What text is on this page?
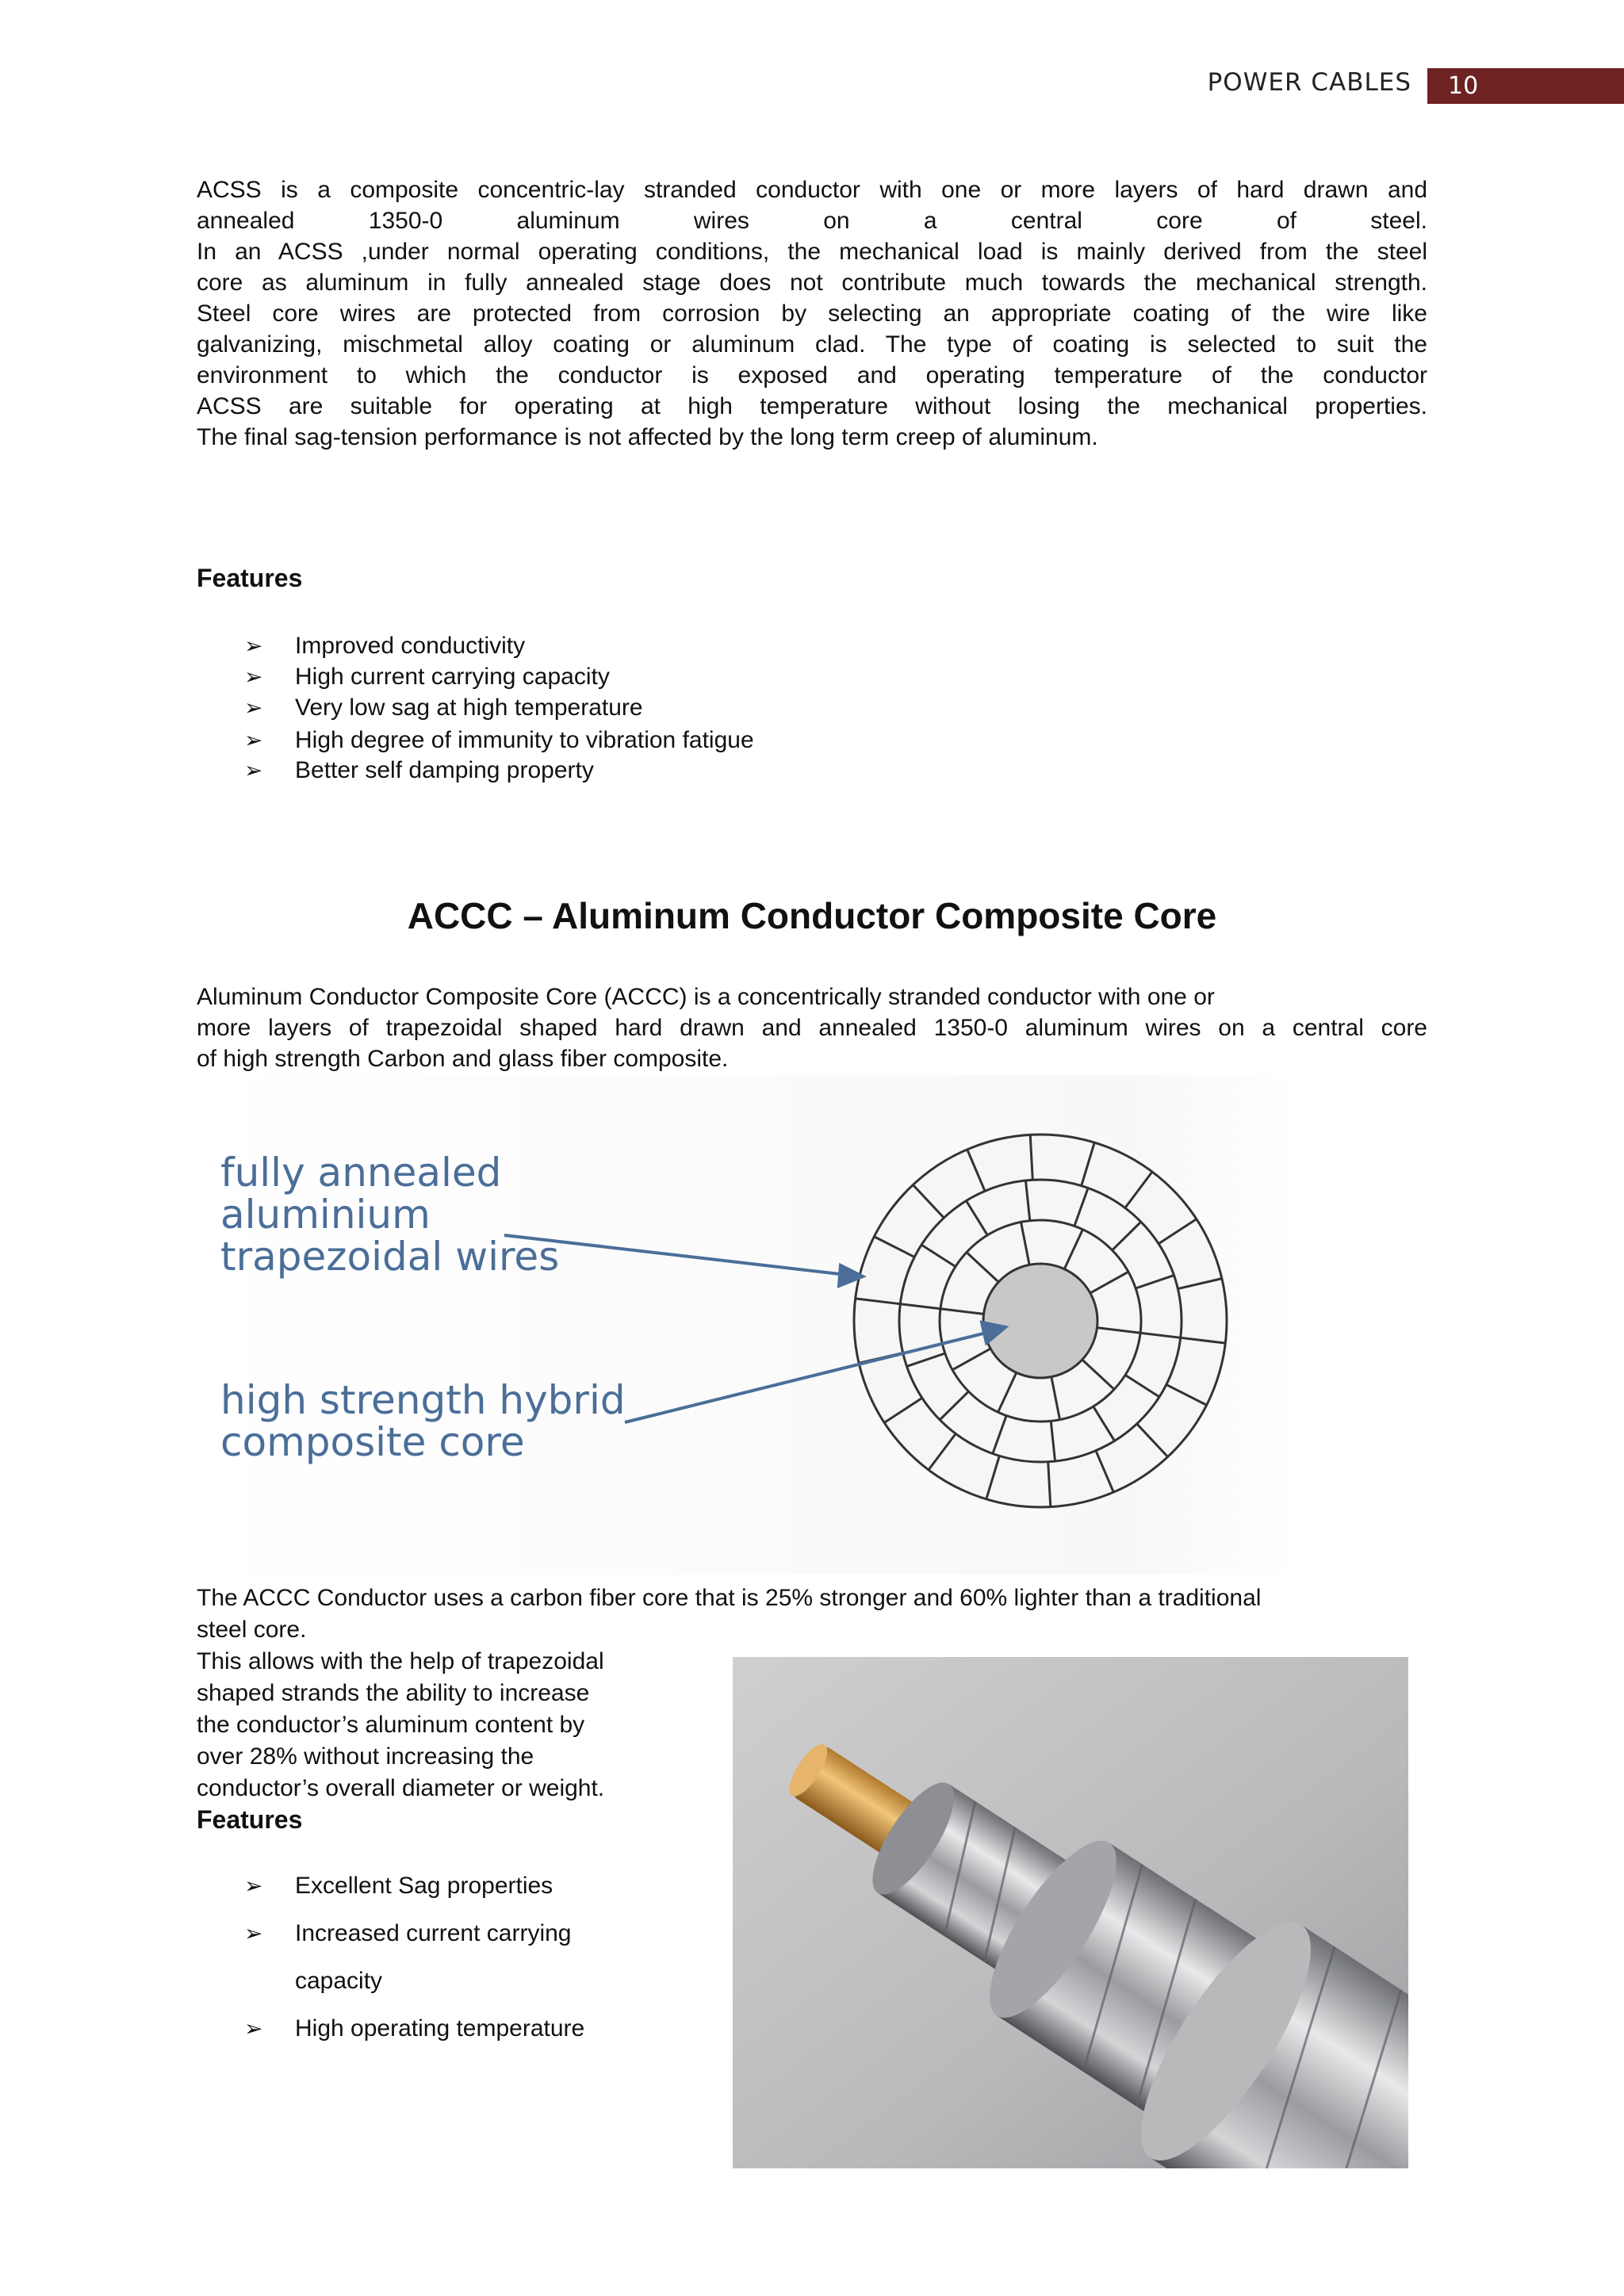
POWER CABLES	10
ACSS is a composite concentric-lay stranded conductor with one or more layers of hard drawn and
annealed 1350-0 aluminum wires on a central core of steel.
In an ACSS ,under normal operating conditions, the mechanical load is mainly derived from the steel
core as aluminum in fully annealed stage does not contribute much towards the mechanical strength.
Steel core wires are protected from corrosion by selecting an appropriate coating of the wire like
galvanizing, mischmetal alloy coating or aluminum clad. The type of coating is selected to suit the
environment to which the conductor is exposed and operating temperature of the conductor
ACSS are suitable for operating at high temperature without losing the mechanical properties.
The final sag-tension performance is not affected by the long term creep of aluminum.
Features
➢ Improved conductivity
➢ High current carrying capacity
➢ Very low sag at high temperature
➢ High degree of immunity to vibration fatigue
➢ Better self damping property
ACCC – Aluminum Conductor Composite Core
Aluminum Conductor Composite Core (ACCC) is a concentrically stranded conductor with one or
more layers of trapezoidal shaped hard drawn and annealed 1350-0 aluminum wires on a central core
of high strength Carbon and glass fiber composite.
fully annealed
aluminium
trapezoidal wires
high strength hybrid
composite core
The ACCC Conductor uses a carbon fiber core that is 25% stronger and 60% lighter than a traditional
steel core.
This allows with the help of trapezoidal
shaped strands the ability to increase
the conductor’s aluminum content by
over 28% without increasing the
conductor’s overall diameter or weight.
Features
➢ Excellent Sag properties
➢ Increased current carrying
capacity
➢ High operating temperature
